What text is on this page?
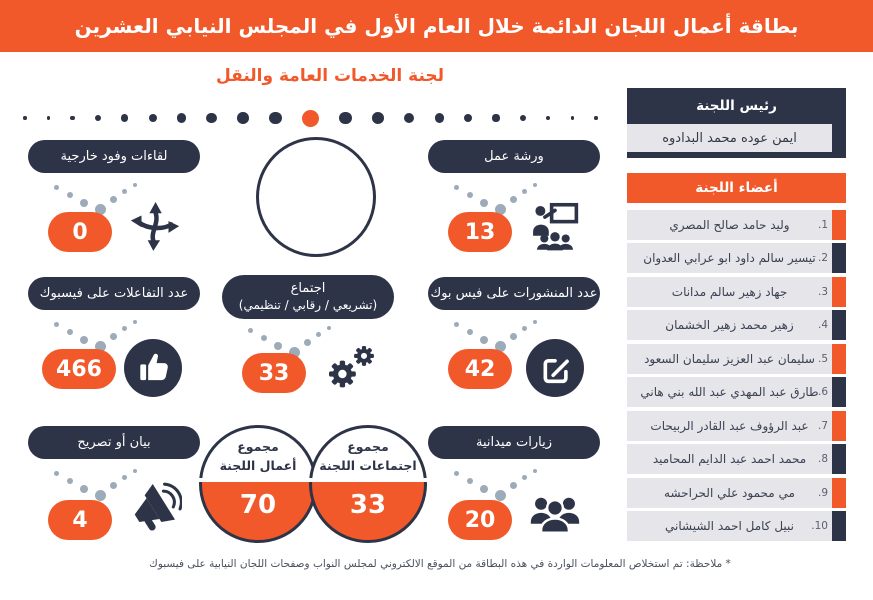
بطاقة أعمال اللجان الدائمة خلال العام الأول في المجلس النيابي العشرين
لجنة الخدمات العامة والنقل
لقاءات وفود خارجية
0
ورشة عمل
13
عدد التفاعلات على فيسبوك
466
اجتماع
(تشريعي / رقابي / تنظيمي)
33
عدد المنشورات على فيس بوك
42
بيان أو تصريح
4
مجموع
أعمال اللجنة
70
مجموع
اجتماعات اللجنة
33
زيارات ميدانية
20
رئيس اللجنة
ايمن عوده محمد البدادوه
أعضاء اللجنة
وليد حامد صالح المصري	1.
تيسير سالم داود ابو عرابي العدوان 2.
جهاد زهير سالم مدانات	3.
زهير محمد زهير الخشمان	4.
سليمان عبد العزيز سليمان السعود 5.
طارق عبد المهدي عبد الله بني هاني 6.
عبد الرؤوف عبد القادر الربيحات 7.
محمد احمد عبد الدايم المحاميد	8.
مي محمود علي الحراحشه	9.
نبيل كامل احمد الشيشاني	10.
* ملاحظة: تم استخلاص المعلومات الواردة في هذه البطاقة من الموقع الالكتروني لمجلس النواب وصفحات اللجان النيابية على فيسبوك
